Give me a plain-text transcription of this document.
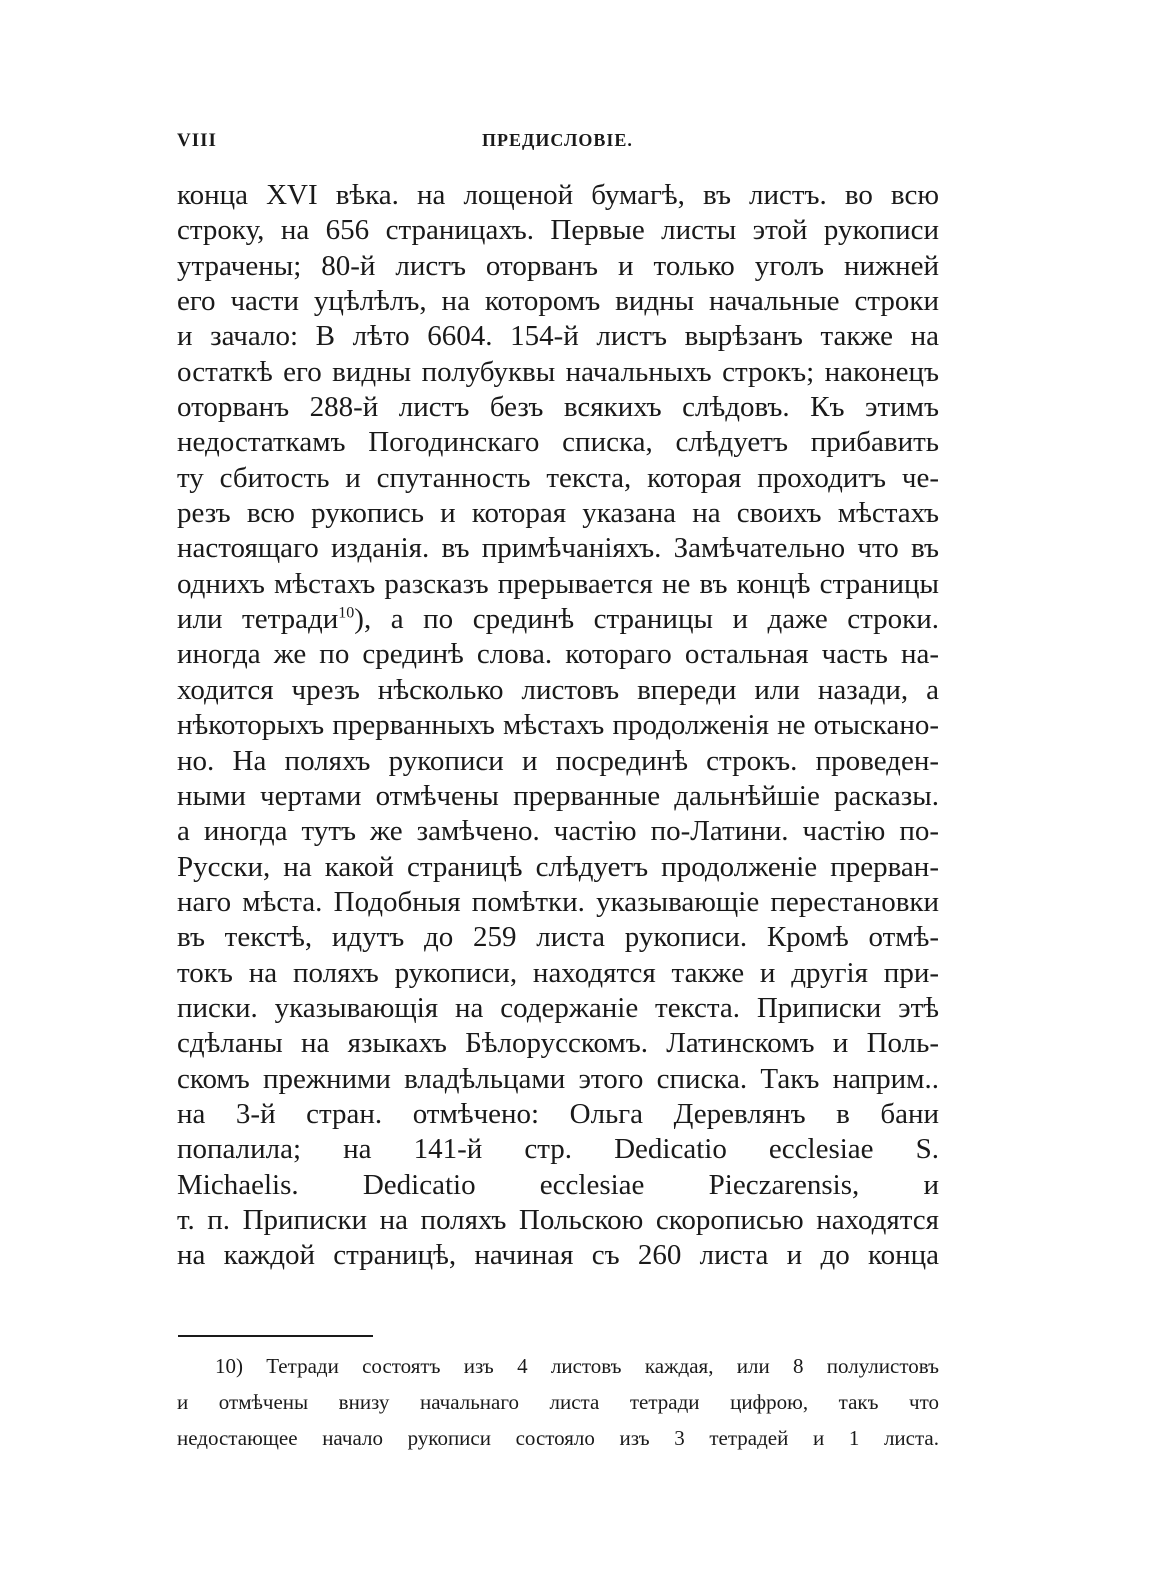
VIII	ПРЕДИСЛОВІЕ.
конца XVI вѣка. на лощеной бумагѣ, въ листъ. во всю
строку, на 656 страницахъ. Первые листы этой рукописи
утрачены; 80-й листъ оторванъ и только уголъ нижней
его части уцѣлѣлъ, на которомъ видны начальные строки
и зачало: В лѣто 6604. 154-й листъ вырѣзанъ также на
остаткѣ его видны полубуквы начальныхъ строкъ; наконецъ
оторванъ 288-й листъ безъ всякихъ слѣдовъ. Къ этимъ
недостаткамъ Погодинскаго списка, слѣдуетъ прибавить
ту сбитость и спутанность текста, которая проходитъ че-
резъ всю рукопись и которая указана на своихъ мѣстахъ
настоящаго изданія. въ примѣчаніяхъ. Замѣчательно что въ
однихъ мѣстахъ разсказъ прерывается не въ концѣ страницы
или тетради$^{10}$), а по срединѣ страницы и даже строки.
иногда же по срединѣ слова. котораго остальная часть на-
ходится чрезъ нѣсколько листовъ впереди или назади, а
нѣкоторыхъ прерванныхъ мѣстахъ продолженія не отыскано-
но. На поляхъ рукописи и посрединѣ строкъ. проведен-
ными чертами отмѣчены прерванные дальнѣйшіе расказы.
а иногда тутъ же замѣчено. частію по-Латини. частію по-
Русски, на какой страницѣ слѣдуетъ продолженіе прерван-
наго мѣста. Подобныя помѣтки. указывающіе перестановки
въ текстѣ, идутъ до 259 листа рукописи. Кромѣ отмѣ-
токъ на поляхъ рукописи, находятся также и другія при-
писки. указывающія на содержаніе текста. Приписки этѣ
сдѣланы на языкахъ Бѣлорусскомъ. Латинскомъ и Поль-
скомъ прежними владѣльцами этого списка. Такъ наприм..
на 3-й стран. отмѣчено: Ольга Деревлянъ в бани
попалила; на 141-й стр. Dedicatio ecclesiae S.
Michaelis. Dedicatio ecclesiae Pieczarensis, и
т. п. Приписки на поляхъ Польскою скорописью находятся
на каждой страницѣ, начиная съ 260 листа и до конца
10) Тетради состоятъ изъ 4 листовъ каждая, или 8 полулистовъ
и отмѣчены внизу начальнаго листа тетради цифрою, такъ что
недостающее начало рукописи состояло изъ 3 тетрадей и 1 листа.
